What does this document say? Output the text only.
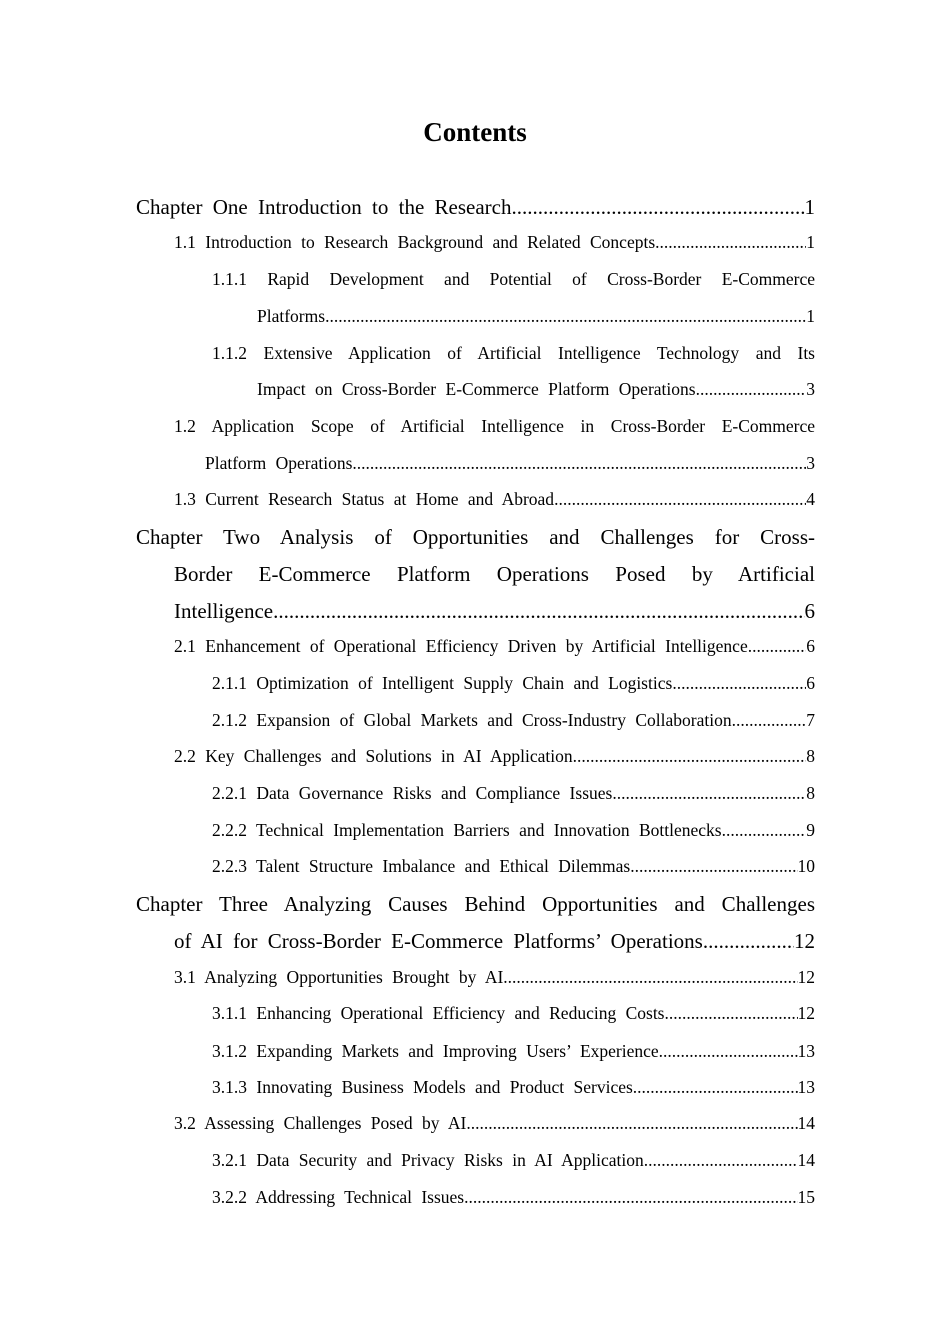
Contents
Chapter One Introduction to the Research .....	1
1.1 Introduction to Research Background and Related Concepts .....	1
1.1.1 Rapid Development and Potential of Cross-Border E-Commerce
Platforms .....	1
1.1.2 Extensive Application of Artificial Intelligence Technology and Its
Impact on Cross-Border E-Commerce Platform Operations .....	3
1.2 Application Scope of Artificial Intelligence in Cross-Border E-Commerce
Platform Operations .....	3
1.3 Current Research Status at Home and Abroad .....	4
Chapter Two Analysis of Opportunities and Challenges for Cross-
Border E-Commerce Platform Operations Posed by Artificial
Intelligence .....	6
2.1 Enhancement of Operational Efficiency Driven by Artificial Intelligence. .....	6
2.1.1 Optimization of Intelligent Supply Chain and Logistics .....	6
2.1.2 Expansion of Global Markets and Cross-Industry Collaboration .....	7
2.2 Key Challenges and Solutions in AI Application .....	8
2.2.1 Data Governance Risks and Compliance Issues .....	8
2.2.2 Technical Implementation Barriers and Innovation Bottlenecks .....	9
2.2.3 Talent Structure Imbalance and Ethical Dilemmas .....	10
Chapter Three Analyzing Causes Behind Opportunities and Challenges
of AI for Cross-Border E-Commerce Platforms’ Operations .....	12
3.1 Analyzing Opportunities Brought by AI .....	12
3.1.1 Enhancing Operational Efficiency and Reducing Costs .....	12
3.1.2 Expanding Markets and Improving Users’ Experience .....	13
3.1.3 Innovating Business Models and Product Services .....	13
3.2 Assessing Challenges Posed by AI .....	14
3.2.1 Data Security and Privacy Risks in AI Application .....	14
3.2.2 Addressing Technical Issues .....	15
